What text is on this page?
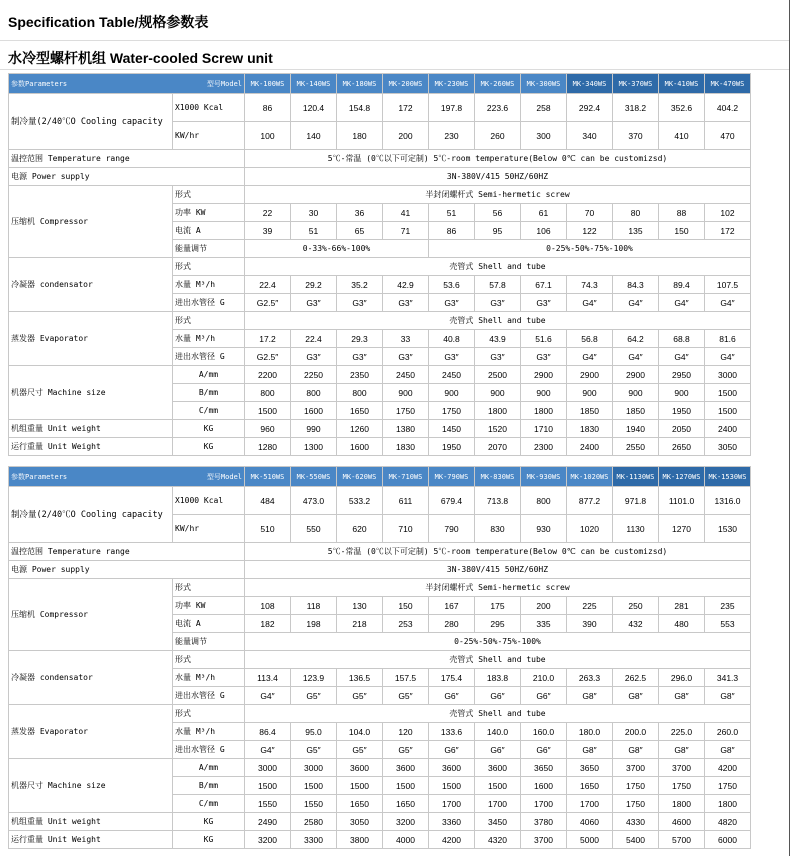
Specification Table/规格参数表
水冷型螺杆机组 Water-cooled Screw unit
参数Parameters 型号Model		MK-100WS	MK-140WS	MK-180WS	MK-200WS	MK-230WS	MK-260WS	MK-300WS	MK-340WS	MK-370WS	MK-410WS	MK-470WS
制冷量(2/40℃O Cooling capacity	X1000 Kcal	86	120.4	154.8	172	197.8	223.6	258	292.4	318.2	352.6	404.2
	KW/hr	100	140	180	200	230	260	300	340	370	410	470
温控范围 Temperature range		5℃-常温 (0℃以下可定制) 5℃-room temperature(Below 0℃ can be customizsd)										
电源 Power supply		3N-380V/415 50HZ/60HZ										
压缩机 Compressor	形式	半封闭螺杆式 Semi-hermetic screw										
	功率 KW	22	30	36	41	51	56	61	70	80	88	102
	电流 A	39	51	65	71	86	95	106	122	135	150	172
	能量调节	0-33%-66%-100%				0-25%-50%-75%-100%						
冷凝器 condensator	形式	壳管式 Shell and tube										
	水量 M³/h	22.4	29.2	35.2	42.9	53.6	57.8	67.1	74.3	84.3	89.4	107.5
	进出水管径 G	G2.5″	G3″	G3″	G3″	G3″	G3″	G3″	G4″	G4″	G4″	G4″
蒸发器 Evaporator	形式	壳管式 Shell and tube										
	水量 M³/h	17.2	22.4	29.3	33	40.8	43.9	51.6	56.8	64.2	68.8	81.6
	进出水管径 G	G2.5″	G3″	G3″	G3″	G3″	G3″	G3″	G4″	G4″	G4″	G4″
机器尺寸 Machine size	A/mm	2200	2250	2350	2450	2450	2500	2900	2900	2900	2950	3000
	B/mm	800	800	800	900	900	900	900	900	900	900	1500
	C/mm	1500	1600	1650	1750	1750	1800	1800	1850	1850	1950	1500
机组重量 Unit weight	KG	960	990	1260	1380	1450	1520	1710	1830	1940	2050	2400
运行重量 Unit Weight	KG	1280	1300	1600	1830	1950	2070	2300	2400	2550	2650	3050
参数Parameters 型号Model		MK-510WS	MK-550WS	MK-620WS	MK-710WS	MK-790WS	MK-830WS	MK-930WS	MK-1020WS	MK-1130WS	MK-1270WS	MK-1530WS
制冷量(2/40℃O Cooling capacity	X1000 Kcal	484	473.0	533.2	611	679.4	713.8	800	877.2	971.8	1101.0	1316.0
	KW/hr	510	550	620	710	790	830	930	1020	1130	1270	1530
温控范围 Temperature range		5℃-常温 (0℃以下可定制) 5℃-room temperature(Below 0℃ can be customizsd)										
电源 Power supply		3N-380V/415 50HZ/60HZ										
压缩机 Compressor	形式	半封闭螺杆式 Semi-hermetic screw										
	功率 KW	108	118	130	150	167	175	200	225	250	281	235
	电流 A	182	198	218	253	280	295	335	390	432	480	553
	能量调节	0-25%-50%-75%-100%										
冷凝器 condensator	形式	壳管式 Shell and tube										
	水量 M³/h	113.4	123.9	136.5	157.5	175.4	183.8	210.0	263.3	262.5	296.0	341.3
	进出水管径 G	G4″	G5″	G5″	G5″	G6″	G6″	G6″	G8″	G8″	G8″	G8″
蒸发器 Evaporator	形式	壳管式 Shell and tube										
	水量 M³/h	86.4	95.0	104.0	120	133.6	140.0	160.0	180.0	200.0	225.0	260.0
	进出水管径 G	G4″	G5″	G5″	G5″	G6″	G6″	G6″	G8″	G8″	G8″	G8″
机器尺寸 Machine size	A/mm	3000	3000	3600	3600	3600	3600	3650	3650	3700	3700	4200
	B/mm	1500	1500	1500	1500	1500	1500	1600	1650	1750	1750	1750
	C/mm	1550	1550	1650	1650	1700	1700	1700	1700	1750	1800	1800
机组重量 Unit weight	KG	2490	2580	3050	3200	3360	3450	3780	4060	4330	4600	4820
运行重量 Unit Weight	KG	3200	3300	3800	4000	4200	4320	3700	5000	5400	5700	6000
